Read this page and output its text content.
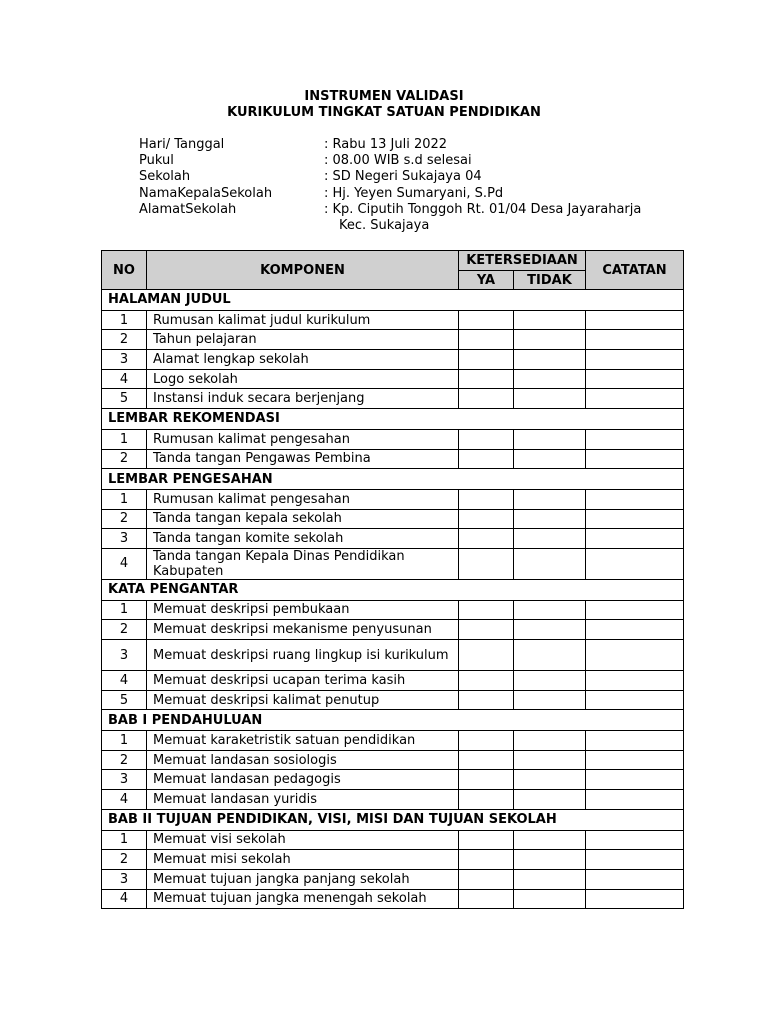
INSTRUMEN VALIDASI
KURIKULUM TINGKAT SATUAN PENDIDIKAN
Hari/ Tanggal	: Rabu 13 Juli 2022
Pukul	: 08.00 WIB s.d selesai
Sekolah	: SD Negeri Sukajaya 04
NamaKepalaSekolah	: Hj. Yeyen Sumaryani, S.Pd
AlamatSekolah	: Kp. Ciputih Tonggoh Rt. 01/04 Desa Jayaraharja
Kec. Sukajaya
NO	KOMPONEN	KETERSEDIAAN		CATATAN
		YA	TIDAK	
HALAMAN JUDUL				
1	Rumusan kalimat judul kurikulum			
2	Tahun pelajaran			
3	Alamat lengkap sekolah			
4	Logo sekolah			
5	Instansi induk secara berjenjang			
LEMBAR REKOMENDASI				
1	Rumusan kalimat pengesahan			
2	Tanda tangan Pengawas Pembina			
LEMBAR PENGESAHAN				
1	Rumusan kalimat pengesahan			
2	Tanda tangan kepala sekolah			
3	Tanda tangan komite sekolah			
4	Tanda tangan Kepala Dinas Pendidikan Kabupaten			
KATA PENGANTAR				
1	Memuat deskripsi pembukaan			
2	Memuat deskripsi mekanisme penyusunan			
3	Memuat deskripsi ruang lingkup isi kurikulum			
4	Memuat deskripsi ucapan terima kasih			
5	Memuat deskripsi kalimat penutup			
BAB I PENDAHULUAN				
1	Memuat karaketristik satuan pendidikan			
2	Memuat landasan sosiologis			
3	Memuat landasan pedagogis			
4	Memuat landasan yuridis			
BAB II TUJUAN PENDIDIKAN, VISI, MISI DAN TUJUAN SEKOLAH				
1	Memuat visi sekolah			
2	Memuat misi sekolah			
3	Memuat tujuan jangka panjang sekolah			
4	Memuat tujuan jangka menengah sekolah			
